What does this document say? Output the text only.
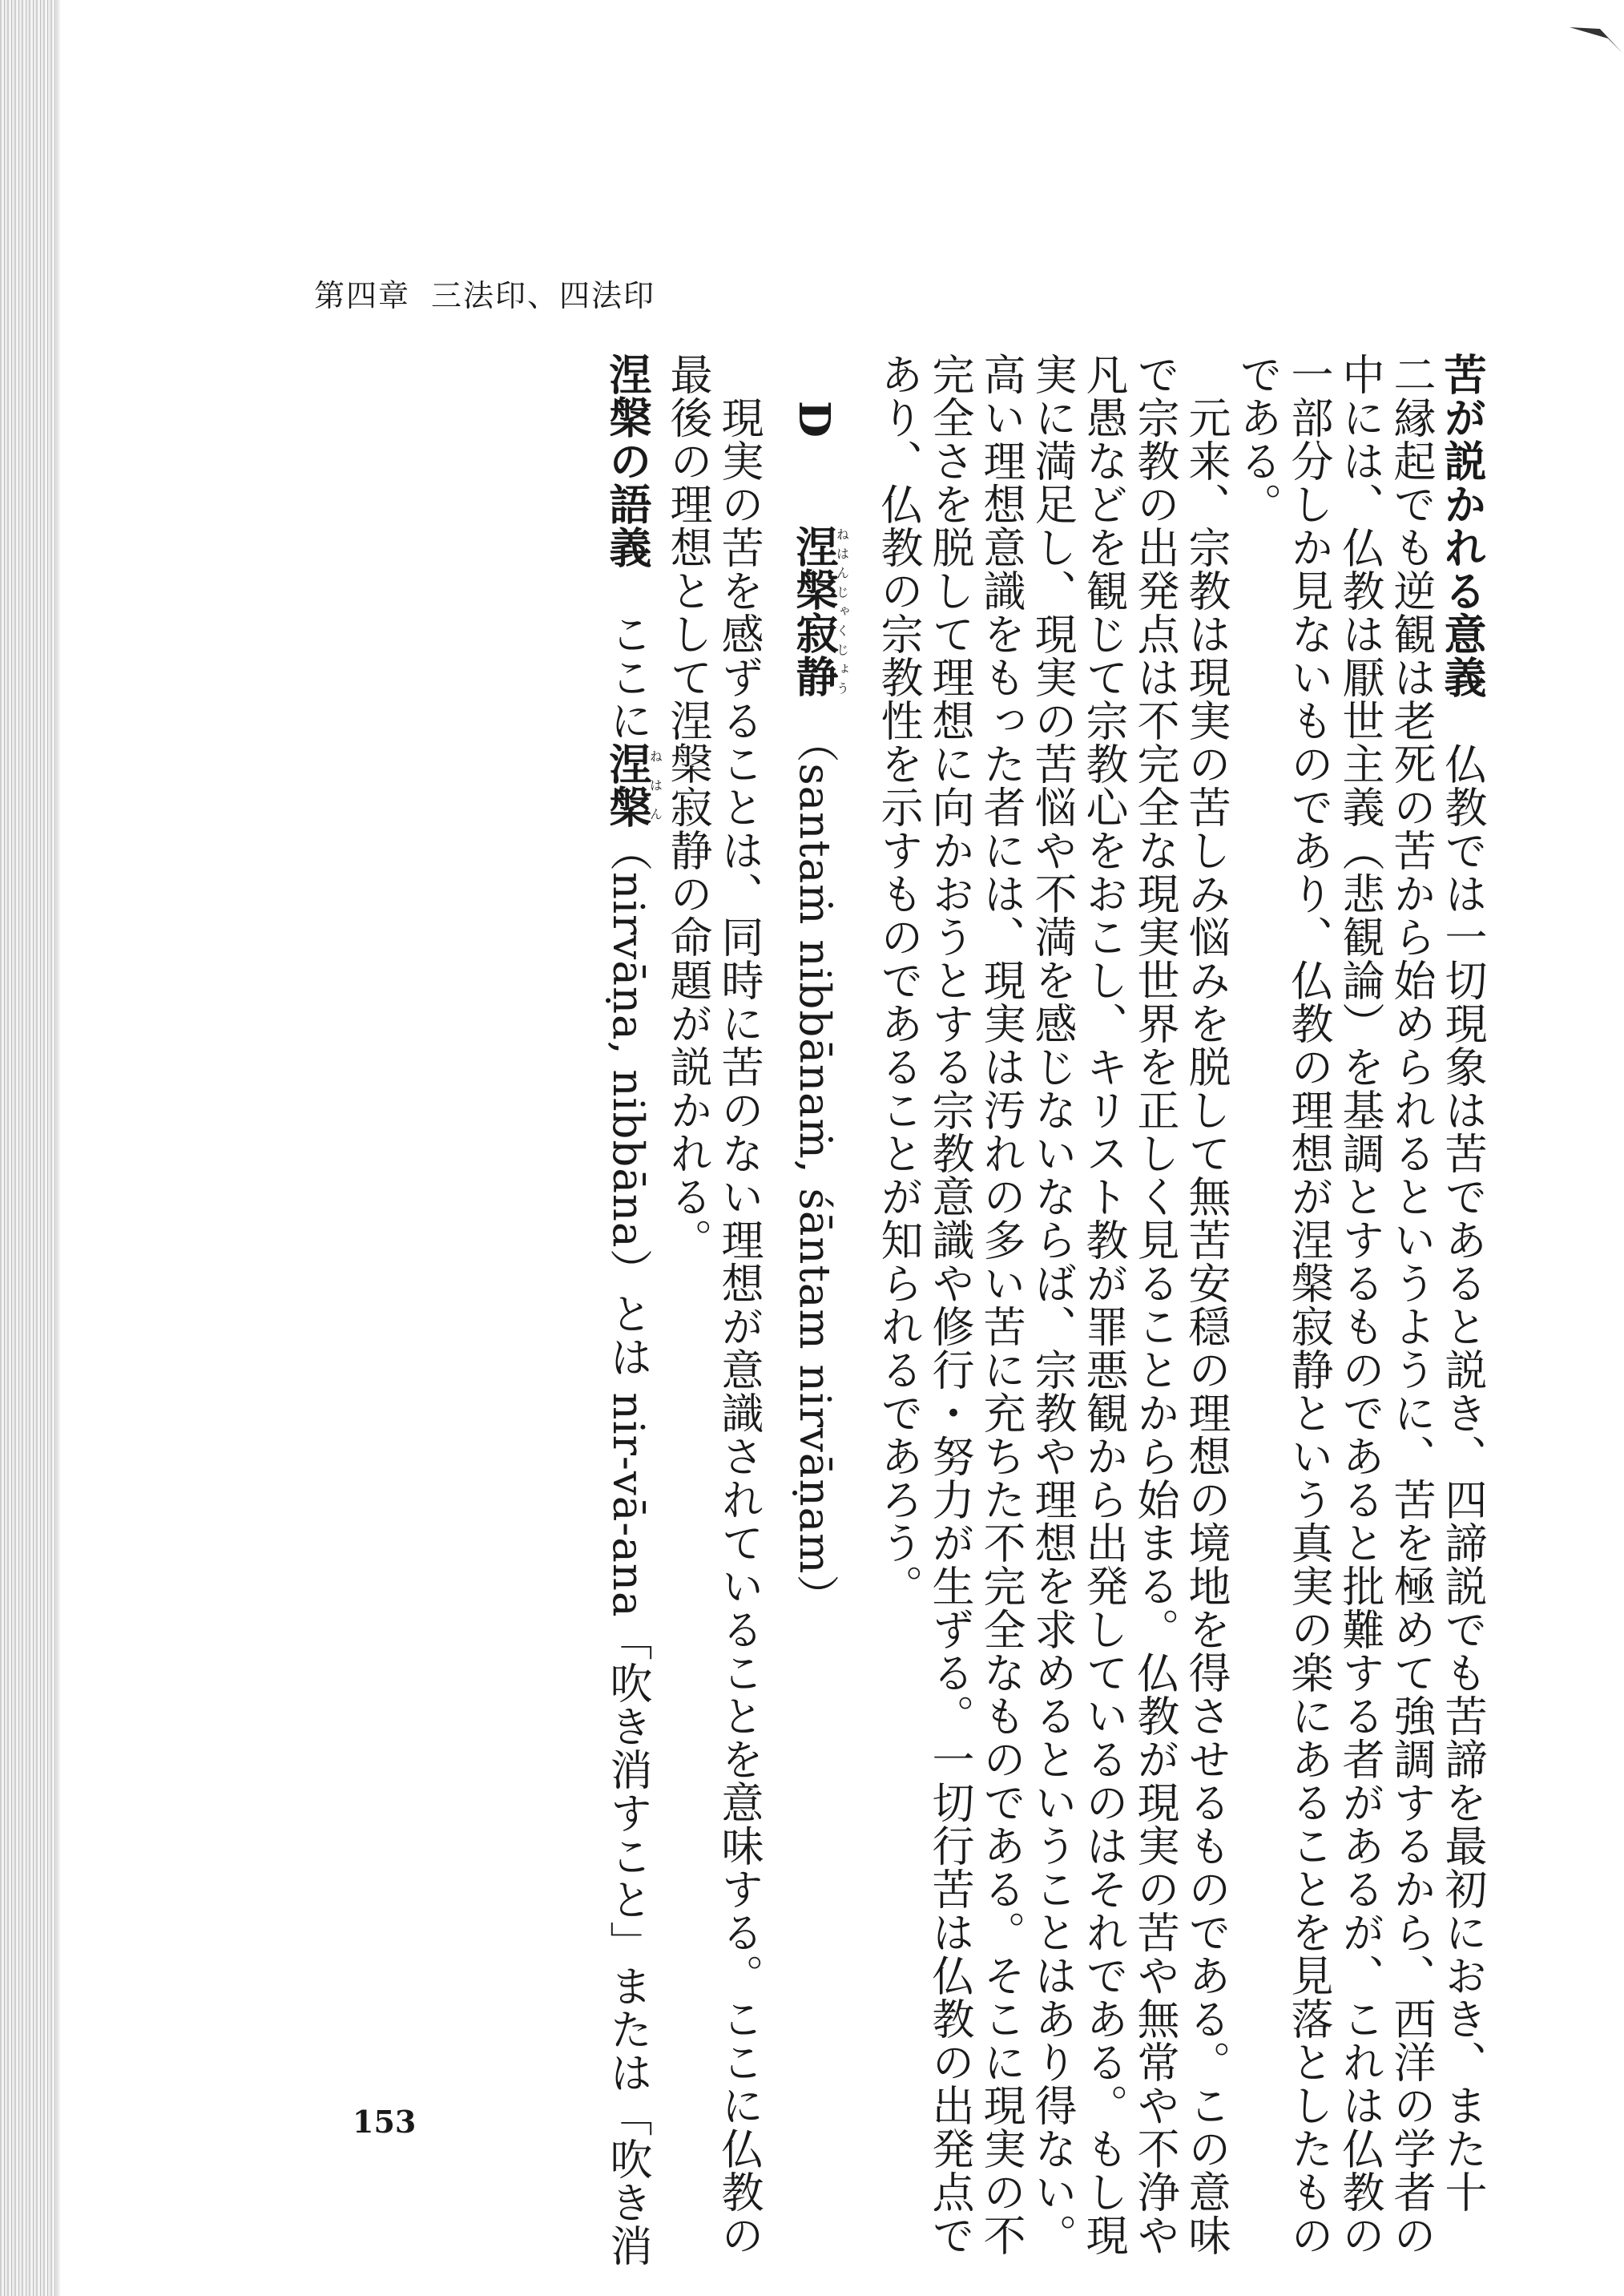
第四章 三法印、四法印
苦が説かれる意義　仏教では一切現象は苦であると説き、四諦説でも苦諦を最初におき、また十
二縁起でも逆観は老死の苦から始められるというように、苦を極めて強調するから、西洋の学者の
中には、仏教は厭世主義（悲観論）を基調とするものであると批難する者があるが、これは仏教の
一部分しか見ないものであり、仏教の理想が涅槃寂静という真実の楽にあることを見落としたもの
である。
　元来、宗教は現実の苦しみ悩みを脱して無苦安穏の理想の境地を得させるものである。この意味
で宗教の出発点は不完全な現実世界を正しく見ることから始まる。仏教が現実の苦や無常や不浄や
凡愚などを観じて宗教心をおこし、キリスト教が罪悪観から出発しているのはそれである。もし現
実に満足し、現実の苦悩や不満を感じないならば、宗教や理想を求めるということはあり得ない。
高い理想意識をもった者には、現実は汚れの多い苦に充ちた不完全なものである。そこに現実の不
完全さを脱して理想に向かおうとする宗教意識や修行・努力が生ずる。一切行苦は仏教の出発点で
あり、仏教の宗教性を示すものであることが知られるであろう。
D　　涅槃寂静ねはんじゃくじょう　（santaṁ nibbānaṁ, śāntam nirvāṇam）
　現実の苦を感ずることは、同時に苦のない理想が意識されていることを意味する。ここに仏教の
最後の理想として涅槃寂静の命題が説かれる。
涅槃の語義　ここに涅槃ねはん（nirvāṇa, nibbāna）とは nir-vā-ana「吹き消すこと」または「吹き消
153
